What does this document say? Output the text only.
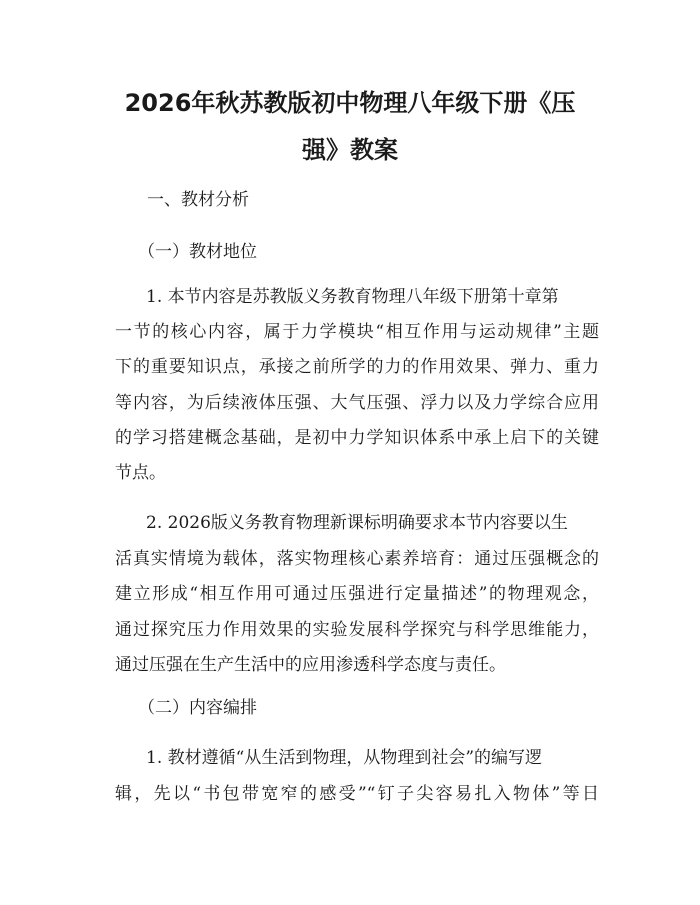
2026年秋苏教版初中物理八年级下册《压
强》教案
一、教材分析
（一）教材地位
1. 本节内容是苏教版义务教育物理八年级下册第十章第
一节的核心内容，属于力学模块“相互作用与运动规律”主题
下的重要知识点，承接之前所学的力的作用效果、弹力、重力
等内容，为后续液体压强、大气压强、浮力以及力学综合应用
的学习搭建概念基础，是初中力学知识体系中承上启下的关键
节点。
2. 2026版义务教育物理新课标明确要求本节内容要以生
活真实情境为载体，落实物理核心素养培育：通过压强概念的
建立形成“相互作用可通过压强进行定量描述”的物理观念，
通过探究压力作用效果的实验发展科学探究与科学思维能力，
通过压强在生产生活中的应用渗透科学态度与责任。
（二）内容编排
1. 教材遵循“从生活到物理，从物理到社会”的编写逻
辑，先以“书包带宽窄的感受”“钉子尖容易扎入物体”等日
